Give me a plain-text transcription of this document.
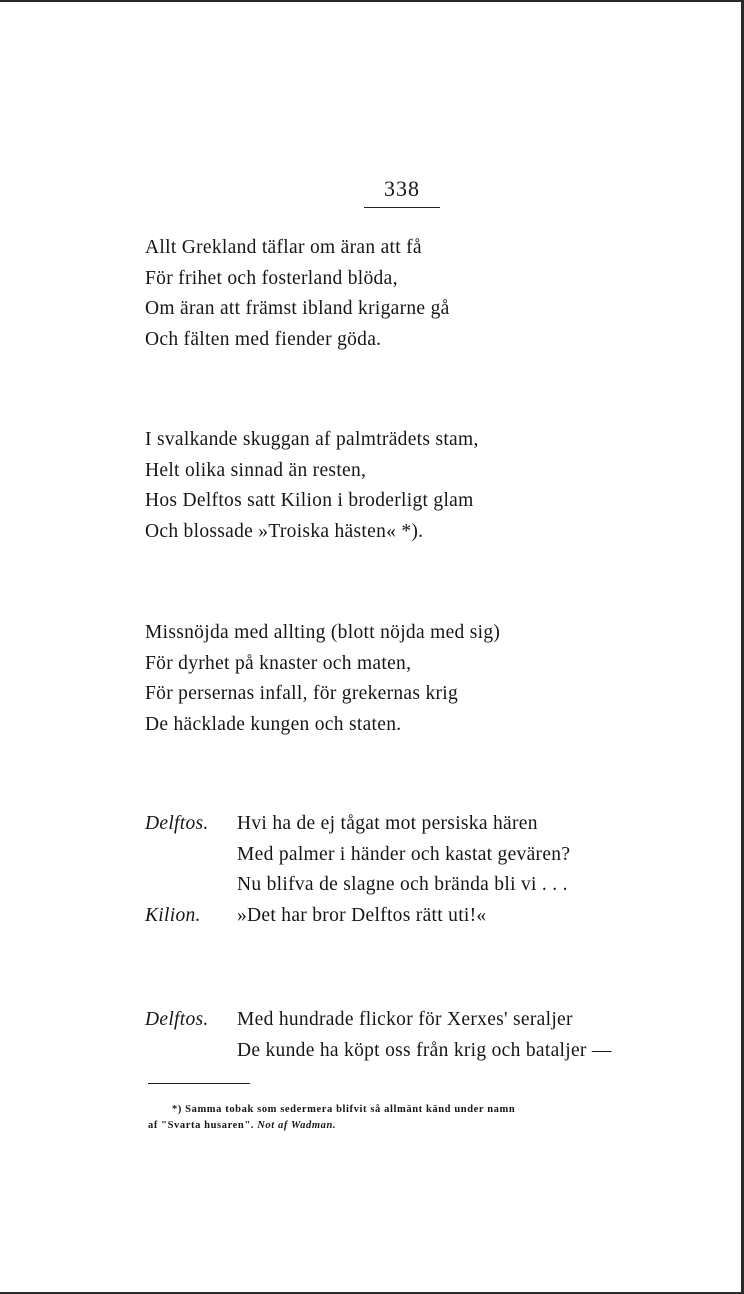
338
Allt Grekland täflar om äran att få
För frihet och fosterland blöda,
Om äran att främst ibland krigarne gå
Och fälten med fiender göda.
I svalkande skuggan af palmträdets stam,
Helt olika sinnad än resten,
Hos Delftos satt Kilion i broderligt glam
Och blossade »Troiska hästen« *).
Missnöjda med allting (blott nöjda med sig)
För dyrhet på knaster och maten,
För persernas infall, för grekernas krig
De häcklade kungen och staten.
Delftos. Hvi ha de ej tågat mot persiska hären
Med palmer i händer och kastat gevären?
Nu blifva de slagne och brända bli vi . . .
Kilion. »Det har bror Delftos rätt uti!«
Delftos. Med hundrade flickor för Xerxes' seraljer
De kunde ha köpt oss från krig och bataljer —
*) Samma tobak som sedermera blifvit så allmänt känd under namn
af "Svarta husaren". Not af Wadman.
